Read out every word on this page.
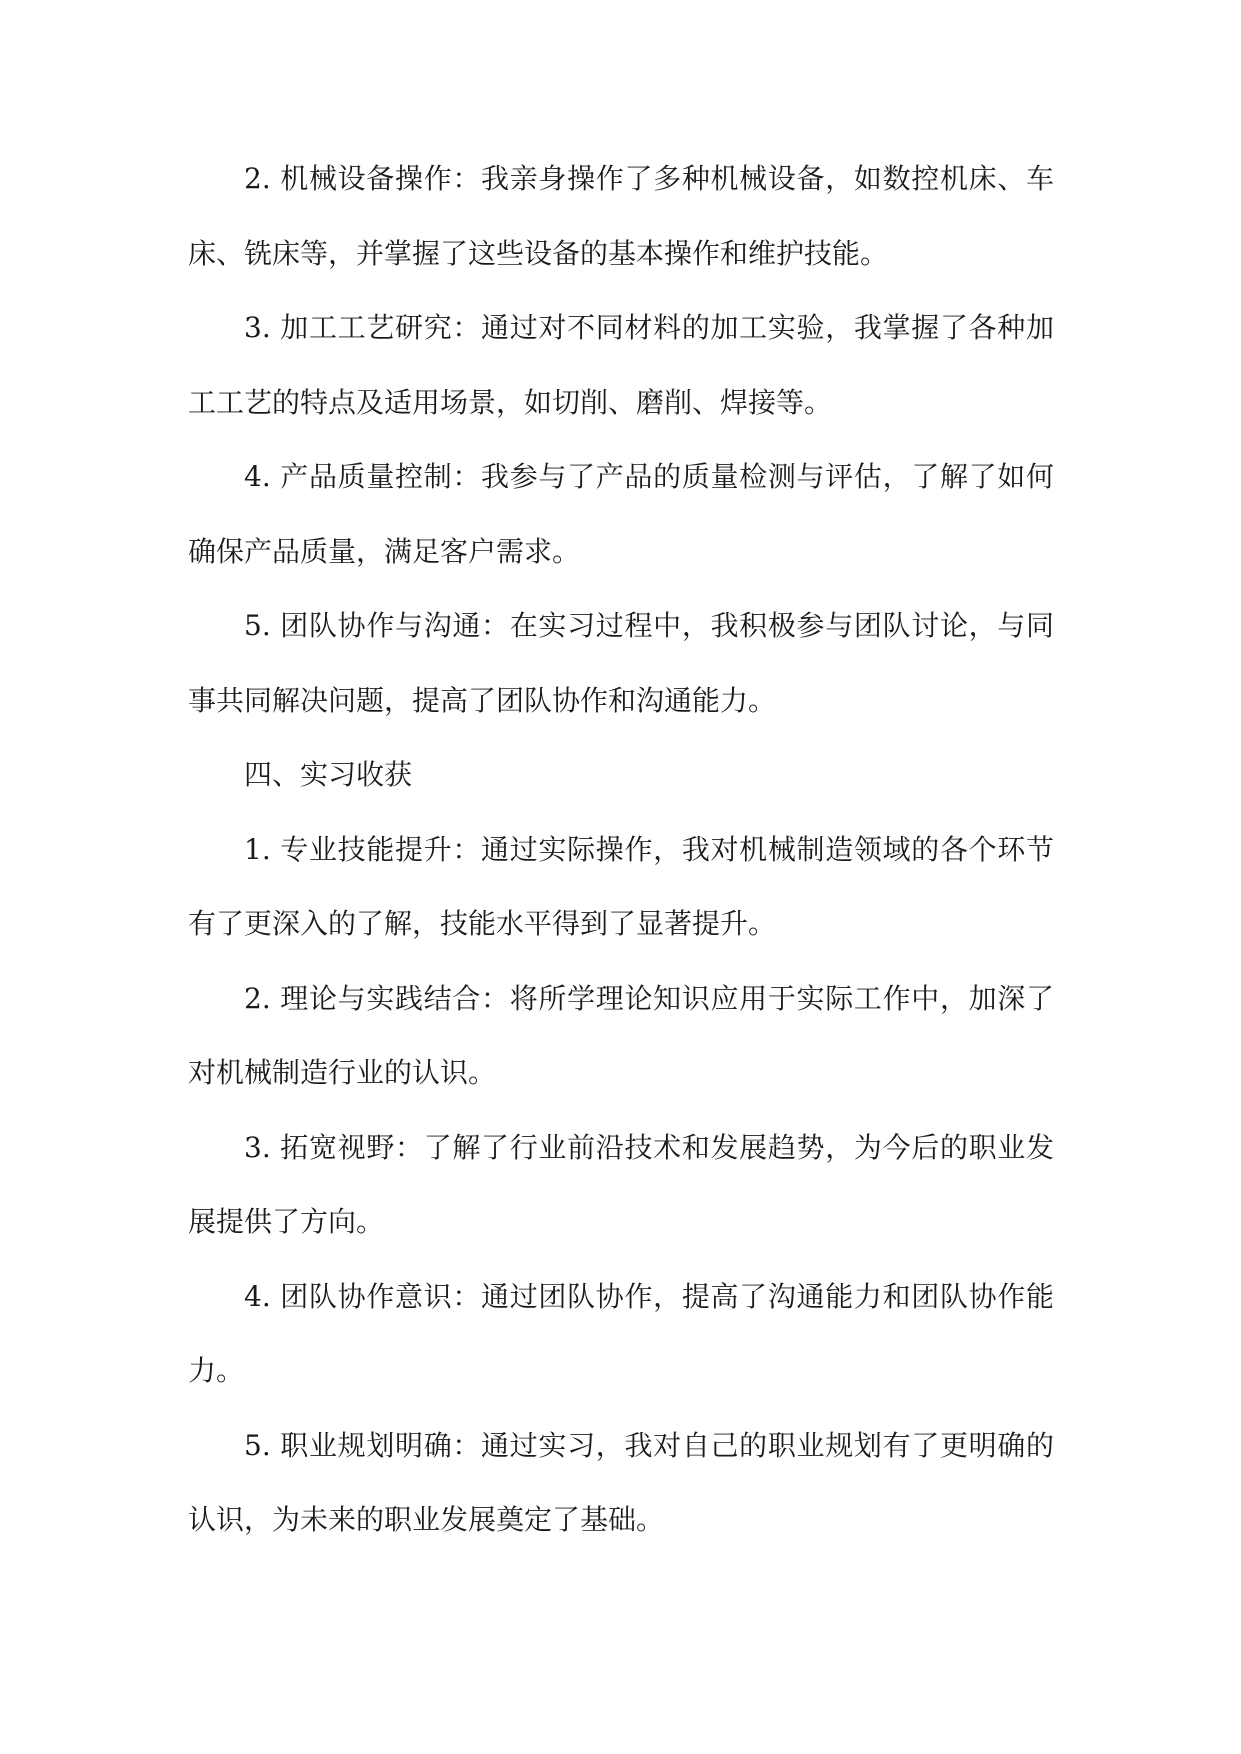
2. 机械设备操作：我亲身操作了多种机械设备，如数控机床、车床、铣床等，并掌握了这些设备的基本操作和维护技能。

3. 加工工艺研究：通过对不同材料的加工实验，我掌握了各种加工工艺的特点及适用场景，如切削、磨削、焊接等。

4. 产品质量控制：我参与了产品的质量检测与评估，了解了如何确保产品质量，满足客户需求。

5. 团队协作与沟通：在实习过程中，我积极参与团队讨论，与同事共同解决问题，提高了团队协作和沟通能力。

四、实习收获

1. 专业技能提升：通过实际操作，我对机械制造领域的各个环节有了更深入的了解，技能水平得到了显著提升。

2. 理论与实践结合：将所学理论知识应用于实际工作中，加深了对机械制造行业的认识。

3. 拓宽视野：了解了行业前沿技术和发展趋势，为今后的职业发展提供了方向。

4. 团队协作意识：通过团队协作，提高了沟通能力和团队协作能力。

5. 职业规划明确：通过实习，我对自己的职业规划有了更明确的认识，为未来的职业发展奠定了基础。
